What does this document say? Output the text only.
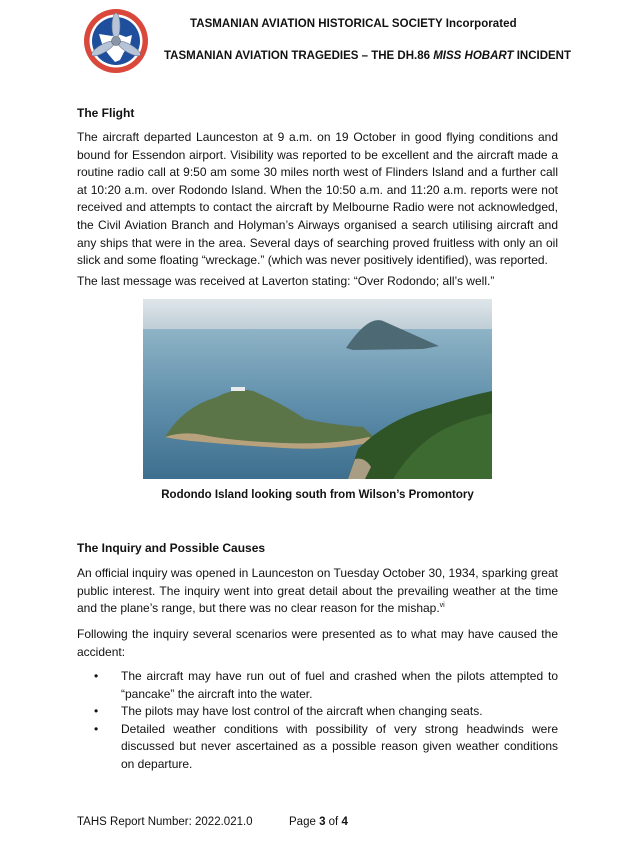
TASMANIAN AVIATION HISTORICAL SOCIETY Incorporated
TASMANIAN AVIATION TRAGEDIES – THE DH.86 MISS HOBART INCIDENT
The Flight

The aircraft departed Launceston at 9 a.m. on 19 October in good flying conditions and bound for Essendon airport. Visibility was reported to be excellent and the aircraft made a routine radio call at 9:50 am some 30 miles north west of Flinders Island and a further call at 10:20 a.m. over Rodondo Island. When the 10:50 a.m. and 11:20 a.m. reports were not received and attempts to contact the aircraft by Melbourne Radio were not acknowledged, the Civil Aviation Branch and Holyman’s Airways organised a search utilising aircraft and any ships that were in the area. Several days of searching proved fruitless with only an oil slick and some floating “wreckage.” (which was never positively identified), was reported.

The last message was received at Laverton stating: “Over Rodondo; all’s well.”

Rodondo Island looking south from Wilson’s Promontory
The Inquiry and Possible Causes

An official inquiry was opened in Launceston on Tuesday October 30, 1934, sparking great public interest. The inquiry went into great detail about the prevailing weather at the time and the plane’s range, but there was no clear reason for the mishap.$^{vi}$

Following the inquiry several scenarios were presented as to what may have caused the accident:

• The aircraft may have run out of fuel and crashed when the pilots attempted to “pancake” the aircraft into the water.
• The pilots may have lost control of the aircraft when changing seats.
• Detailed weather conditions with possibility of very strong headwinds were discussed but never ascertained as a possible reason given weather conditions on departure.
TAHS Report Number: 2022.021.0	Page 3 of 4
